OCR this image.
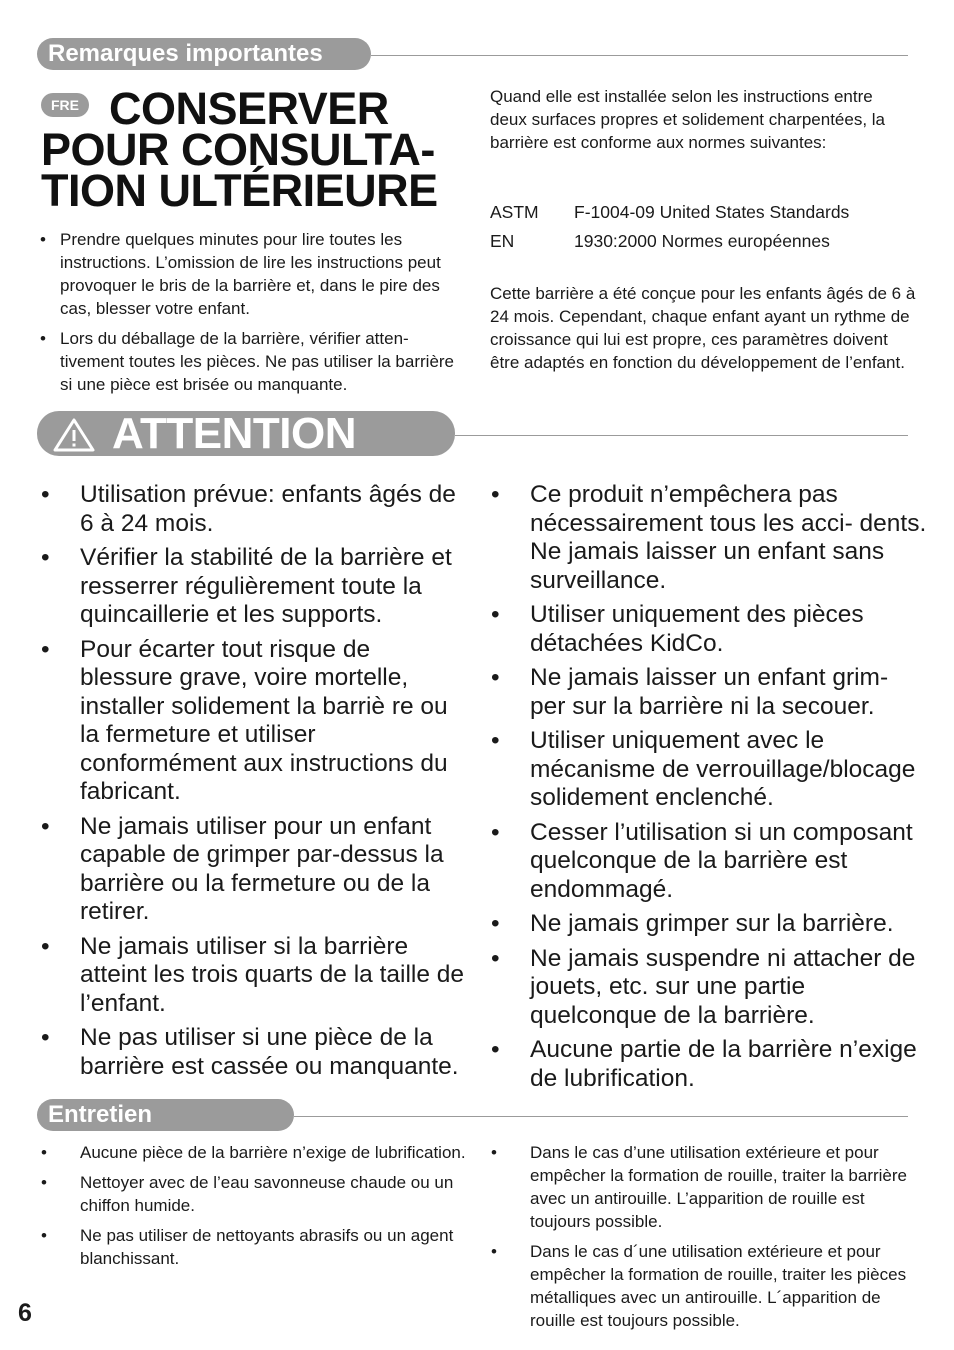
Remarques importantes
FRE CONSERVER
POUR CONSULTA-
TION ULTÉRIEURE
• Prendre quelques minutes pour lire toutes les instructions. L’omission de lire les instructions peut provoquer le bris de la barrière et, dans le pire des cas, blesser votre enfant.
• Lors du déballage de la barrière, vérifier atten- tivement toutes les pièces. Ne pas utiliser la barrière si une pièce est brisée ou manquante.
Quand elle est installée selon les instructions entre deux surfaces propres et solidement charpentées, la barrière est conforme aux normes suivantes:
ASTM F-1004-09 United States Standards
EN	1930:2000 Normes européennes
Cette barrière a été conçue pour les enfants âgés de 6 à 24 mois. Cependant, chaque enfant ayant un rythme de croissance qui lui est propre, ces paramètres doivent être adaptés en fonction du développement de l’enfant.
ATTENTION
• Utilisation prévue: enfants âgés de 6 à 24 mois.
• Vérifier la stabilité de la barrière et resserrer régulièrement toute la quincaillerie et les supports.
• Pour écarter tout risque de blessure grave, voire mortelle, installer solidement la barriè re ou la fermeture et utiliser conformément aux instructions du fabricant.
• Ne jamais utiliser pour un enfant capable de grimper par-dessus la barrière ou la fermeture ou de la retirer.
• Ne jamais utiliser si la barrière atteint les trois quarts de la taille de l’enfant.
• Ne pas utiliser si une pièce de la barrière est cassée ou manquante.
• Ce produit n’empêchera pas nécessairement tous les acci- dents. Ne jamais laisser un enfant sans surveillance.
• Utiliser uniquement des pièces détachées KidCo.
• Ne jamais laisser un enfant grim- per sur la barrière ni la secouer.
• Utiliser uniquement avec le mécanisme de verrouillage/blocage solidement enclenché.
• Cesser l’utilisation si un composant quelconque de la barrière est endommagé.
• Ne jamais grimper sur la barrière.
• Ne jamais suspendre ni attacher de jouets, etc. sur une partie quelconque de la barrière.
• Aucune partie de la barrière n’exige de lubrification.
Entretien
• Aucune pièce de la barrière n’exige de lubrification.
• Nettoyer avec de l’eau savonneuse chaude ou un chiffon humide.
• Ne pas utiliser de nettoyants abrasifs ou un agent blanchissant.
• Dans le cas d’une utilisation extérieure et pour empêcher la formation de rouille, traiter la barrière avec un antirouille. L’apparition de rouille est toujours possible.
• Dans le cas d´une utilisation extérieure et pour empêcher la formation de rouille, traiter les pièces métalliques avec un antirouille. L´apparition de rouille est toujours possible.
6
